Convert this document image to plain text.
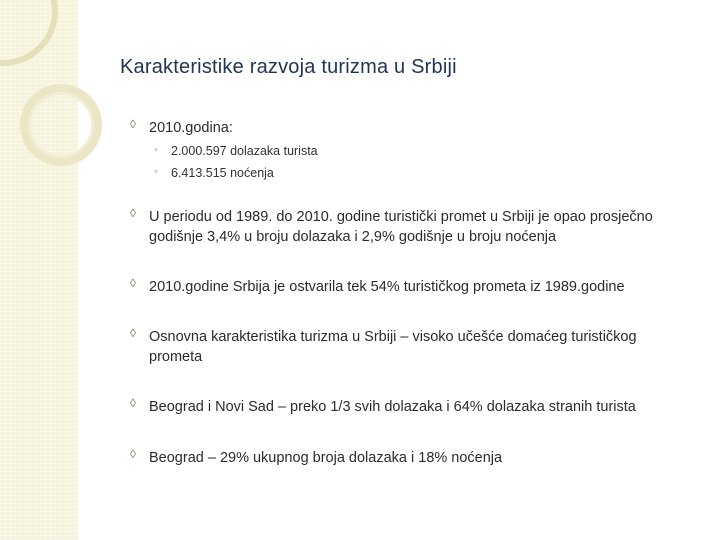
Karakteristike razvoja turizma u Srbiji
◊ 2010.godina:
◦ 2.000.597 dolazaka turista
◦ 6.413.515 noćenja
◊ U periodu od 1989. do 2010. godine turistički promet u Srbiji je opao prosječno godišnje 3,4% u broju dolazaka i 2,9% godišnje u broju noćenja
◊ 2010.godine Srbija je ostvarila tek 54% turističkog prometa iz 1989.godine
◊ Osnovna karakteristika turizma u Srbiji – visoko učešće domaćeg turističkog prometa
◊ Beograd i Novi Sad – preko 1/3 svih dolazaka i 64% dolazaka stranih turista
◊ Beograd – 29% ukupnog broja dolazaka i 18% noćenja
